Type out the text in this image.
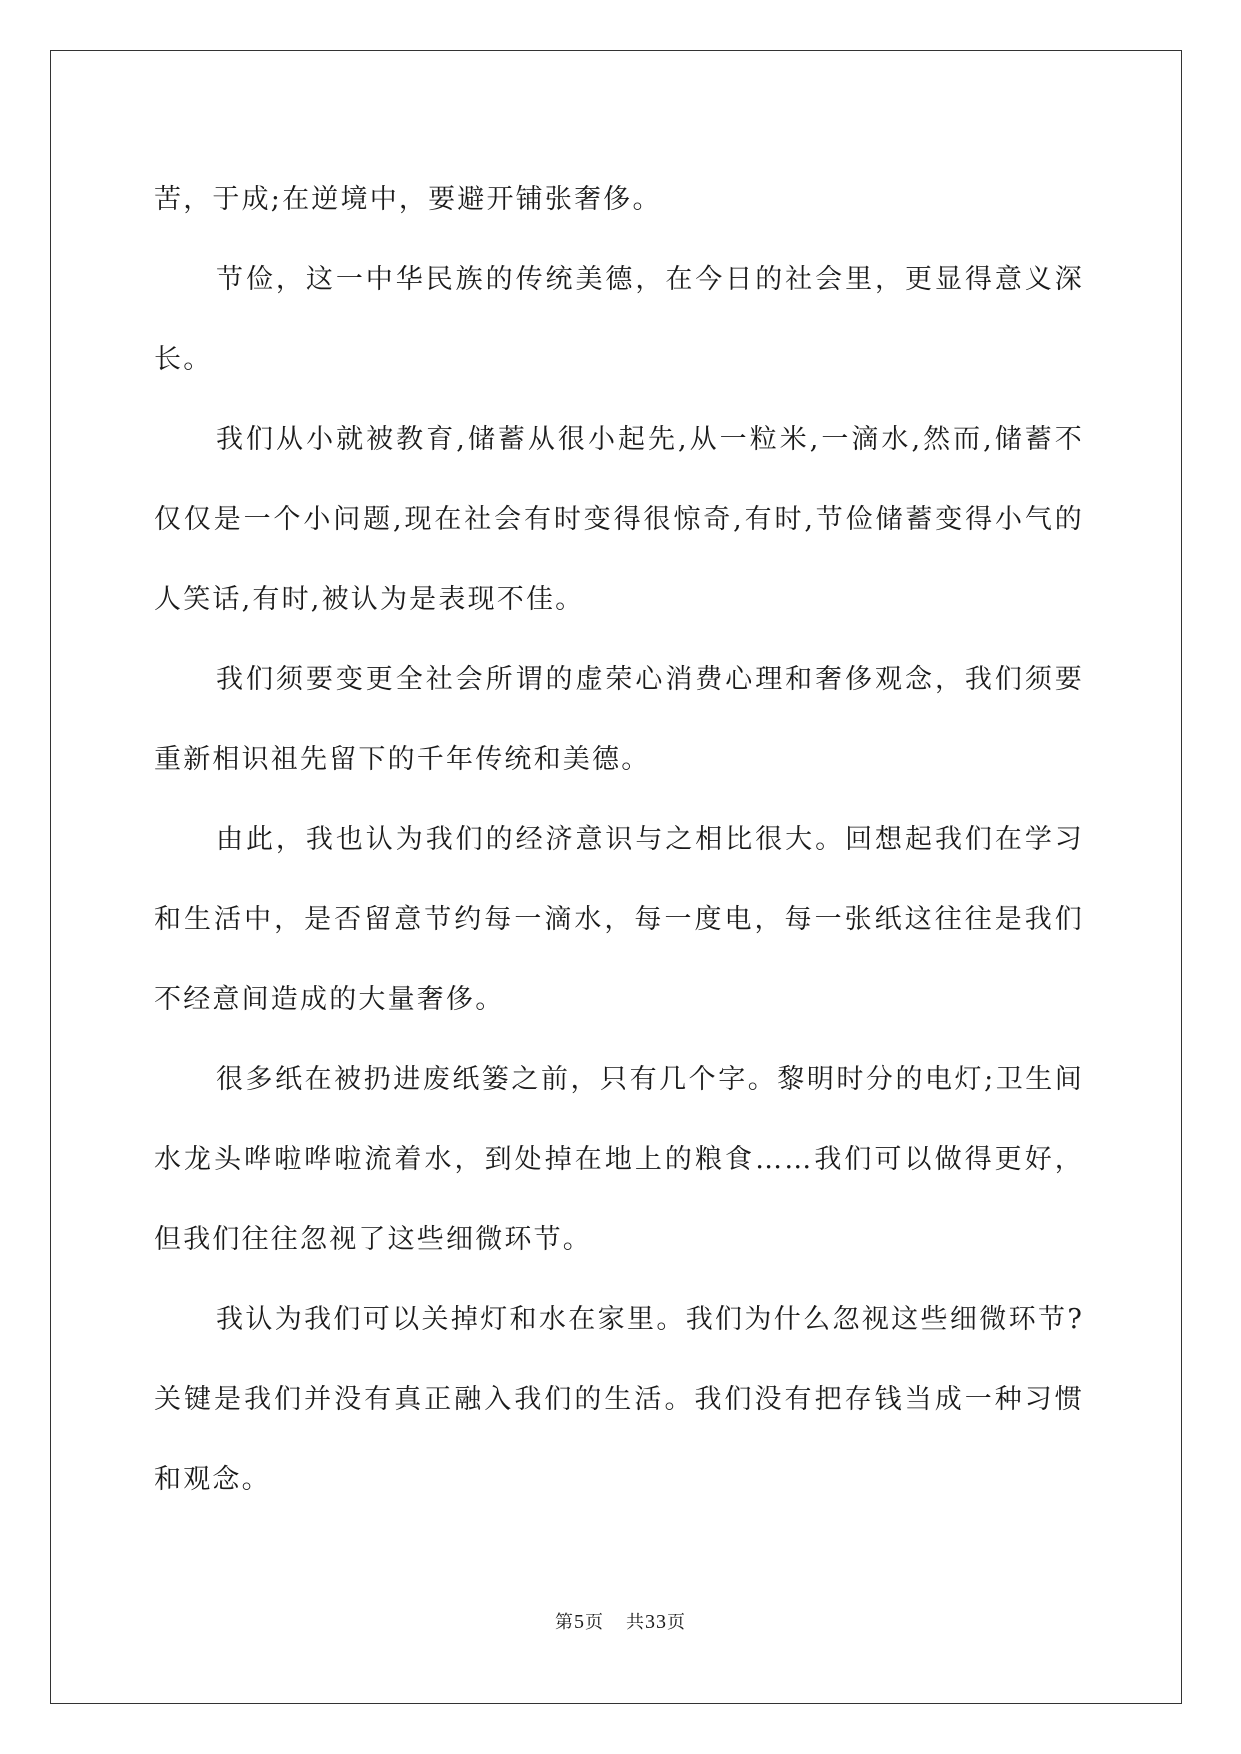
苦，于成;在逆境中，要避开铺张奢侈。

节俭，这一中华民族的传统美德，在今日的社会里，更显得意义深长。

我们从小就被教育,储蓄从很小起先,从一粒米,一滴水,然而,储蓄不仅仅是一个小问题,现在社会有时变得很惊奇,有时,节俭储蓄变得小气的人笑话,有时,被认为是表现不佳。

我们须要变更全社会所谓的虚荣心消费心理和奢侈观念，我们须要重新相识祖先留下的千年传统和美德。

由此，我也认为我们的经济意识与之相比很大。回想起我们在学习和生活中，是否留意节约每一滴水，每一度电，每一张纸这往往是我们不经意间造成的大量奢侈。

很多纸在被扔进废纸篓之前，只有几个字。黎明时分的电灯;卫生间水龙头哗啦哗啦流着水，到处掉在地上的粮食……我们可以做得更好，但我们往往忽视了这些细微环节。

我认为我们可以关掉灯和水在家里。我们为什么忽视这些细微环节?关键是我们并没有真正融入我们的生活。我们没有把存钱当成一种习惯和观念。

第5页 共33页
